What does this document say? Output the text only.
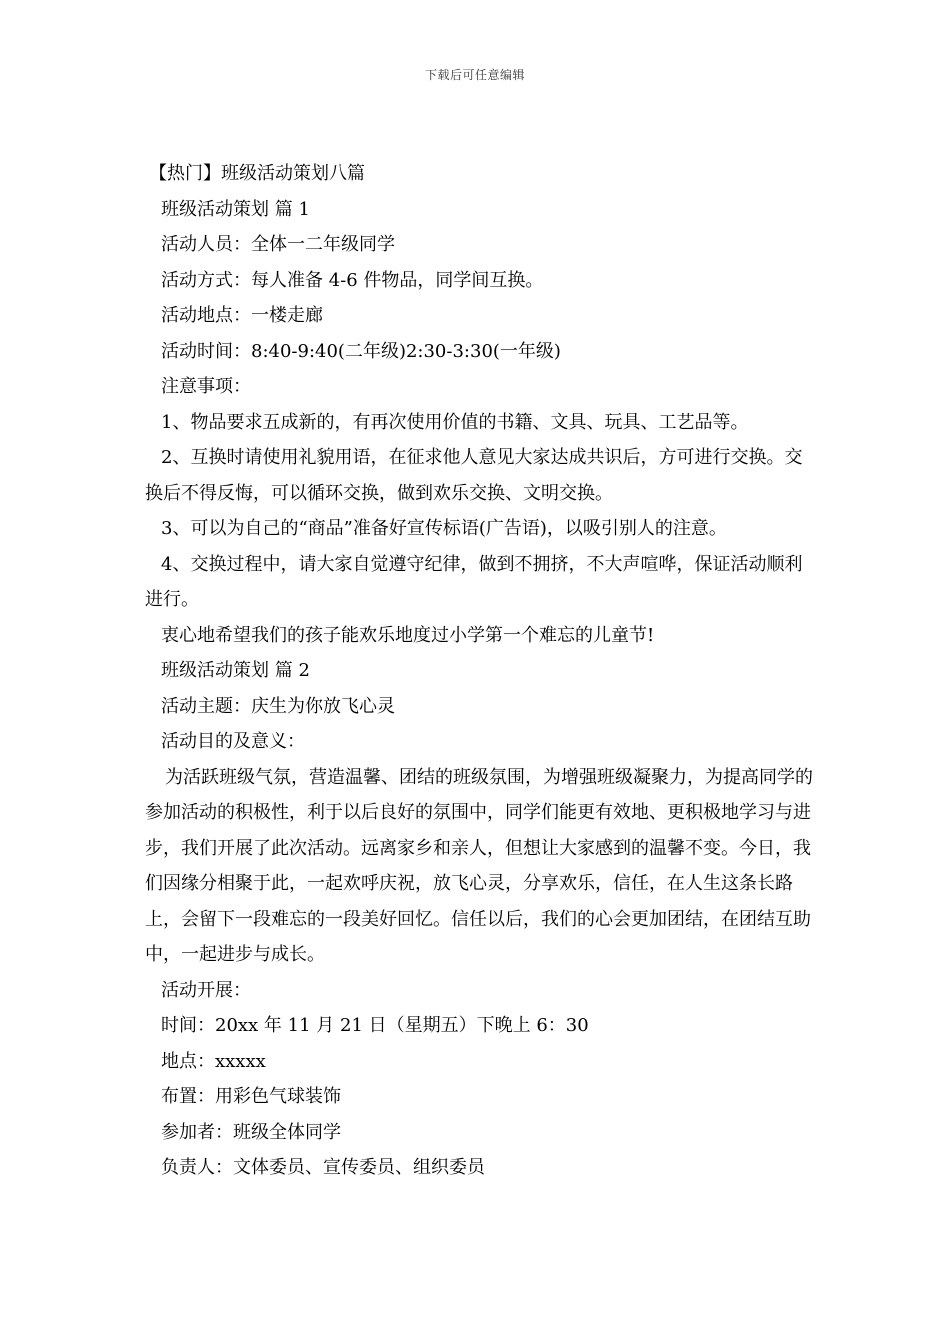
下载后可任意编辑

【热门】班级活动策划八篇

班级活动策划 篇 1

活动人员：全体一二年级同学

活动方式：每人准备 4-6 件物品，同学间互换。

活动地点：一楼走廊

活动时间：8:40-9:40(二年级)2:30-3:30(一年级)

注意事项：

1、物品要求五成新的，有再次使用价值的书籍、文具、玩具、工艺品等。

2、互换时请使用礼貌用语，在征求他人意见大家达成共识后，方可进行交换。交换后不得反悔，可以循环交换，做到欢乐交换、文明交换。

3、可以为自己的“商品”准备好宣传标语(广告语)，以吸引别人的注意。

4、交换过程中，请大家自觉遵守纪律，做到不拥挤，不大声喧哗，保证活动顺利进行。

衷心地希望我们的孩子能欢乐地度过小学第一个难忘的儿童节!

班级活动策划 篇 2

活动主题：庆生为你放飞心灵

活动目的及意义：

为活跃班级气氛，营造温馨、团结的班级氛围，为增强班级凝聚力，为提高同学的参加活动的积极性，利于以后良好的氛围中，同学们能更有效地、更积极地学习与进步，我们开展了此次活动。远离家乡和亲人，但想让大家感到的温馨不变。今日，我们因缘分相聚于此，一起欢呼庆祝，放飞心灵，分享欢乐，信任，在人生这条长路上，会留下一段难忘的一段美好回忆。信任以后，我们的心会更加团结，在团结互助中，一起进步与成长。

活动开展：

时间：20xx 年 11 月 21 日（星期五）下晚上 6：30

地点：xxxxx

布置：用彩色气球装饰

参加者：班级全体同学

负责人：文体委员、宣传委员、组织委员
